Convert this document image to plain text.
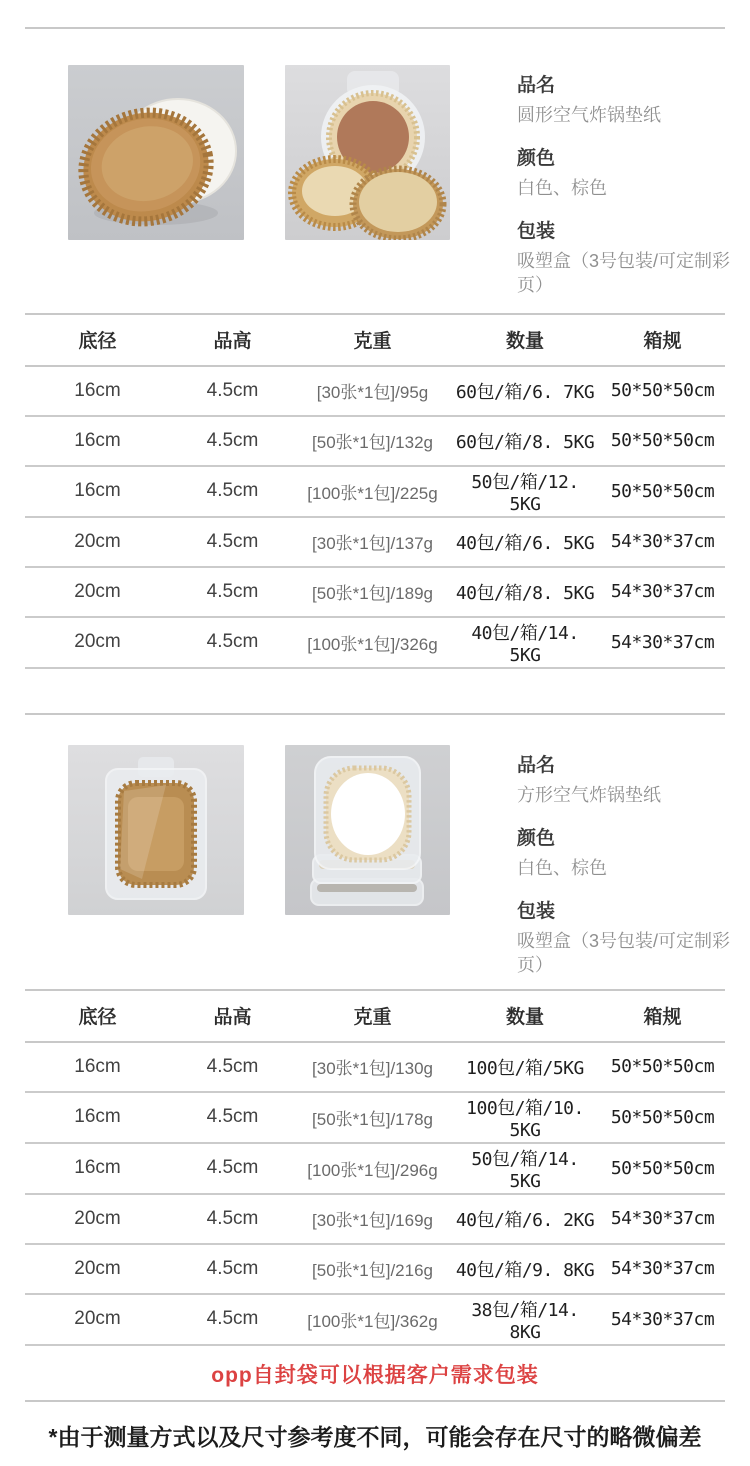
品名
圆形空气炸锅垫纸
颜色
白色、棕色
包装
吸塑盒（3号包装/可定制彩页）
底径	品高	克重	数量	箱规
16cm	4.5cm	[30张*1包]/95g	60包/箱/6. 7KG	50*50*50cm
16cm	4.5cm	[50张*1包]/132g	60包/箱/8. 5KG	50*50*50cm
16cm	4.5cm	[100张*1包]/225g	50包/箱/12. 5KG	50*50*50cm
20cm	4.5cm	[30张*1包]/137g	40包/箱/6. 5KG	54*30*37cm
20cm	4.5cm	[50张*1包]/189g	40包/箱/8. 5KG	54*30*37cm
20cm	4.5cm	[100张*1包]/326g	40包/箱/14. 5KG	54*30*37cm
品名
方形空气炸锅垫纸
颜色
白色、棕色
包装
吸塑盒（3号包装/可定制彩页）
底径	品高	克重	数量	箱规
16cm	4.5cm	[30张*1包]/130g	100包/箱/5KG	50*50*50cm
16cm	4.5cm	[50张*1包]/178g	100包/箱/10. 5KG	50*50*50cm
16cm	4.5cm	[100张*1包]/296g	50包/箱/14. 5KG	50*50*50cm
20cm	4.5cm	[30张*1包]/169g	40包/箱/6. 2KG	54*30*37cm
20cm	4.5cm	[50张*1包]/216g	40包/箱/9. 8KG	54*30*37cm
20cm	4.5cm	[100张*1包]/362g	38包/箱/14. 8KG	54*30*37cm
opp自封袋可以根据客户需求包装
*由于测量方式以及尺寸参考度不同，可能会存在尺寸的略微偏差
